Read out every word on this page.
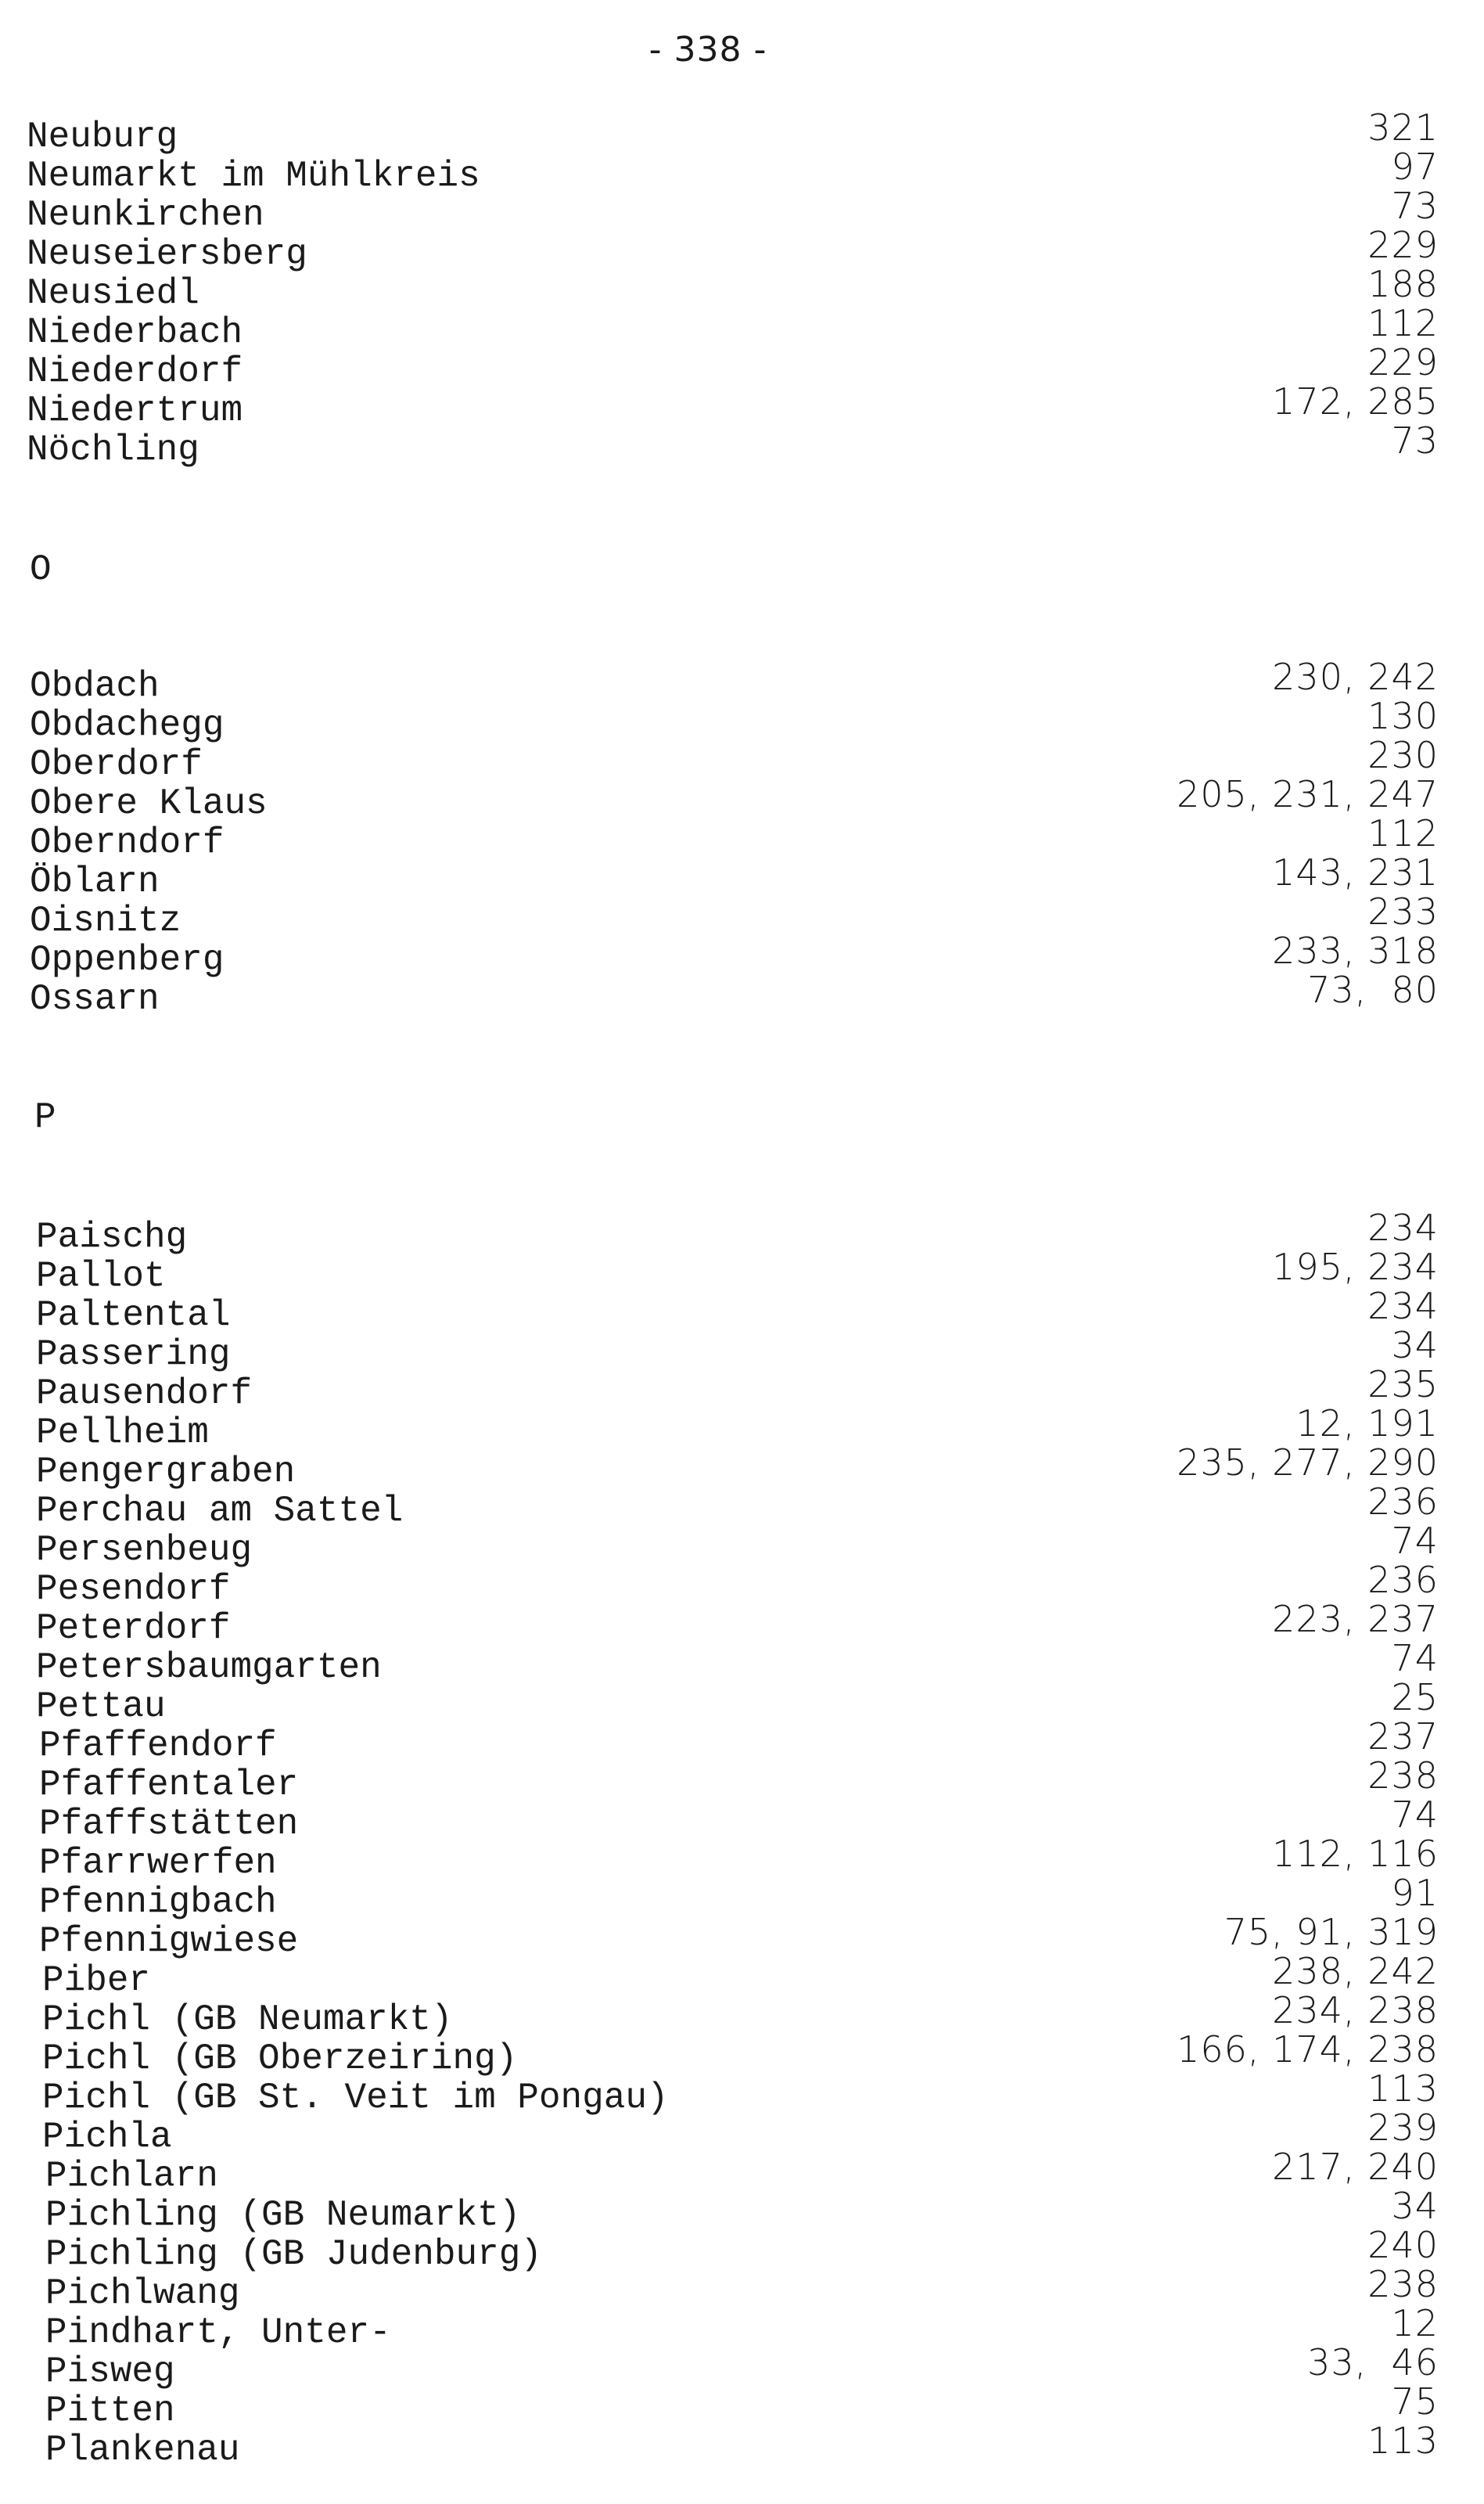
- 338 -
Neuburg	321
Neumarkt im Mühlkreis	97
Neunkirchen	73
Neuseiersberg	229
Neusiedl	188
Niederbach	112
Niederdorf	229
Niedertrum	172, 285
Nöchling	73
O
Obdach	230, 242
Obdachegg	130
Oberdorf	230
Obere Klaus	205, 231, 247
Oberndorf	112
Öblarn	143, 231
Oisnitz	233
Oppenberg	233, 318
Ossarn	73,  80
P
Paischg	234
Pallot	195, 234
Paltental	234
Passering	34
Pausendorf	235
Pellheim	12, 191
Pengergraben	235, 277, 290
Perchau am Sattel	236
Persenbeug	74
Pesendorf	236
Peterdorf	223, 237
Petersbaumgarten	74
Pettau	25
Pfaffendorf	237
Pfaffentaler	238
Pfaffstätten	74
Pfarrwerfen	112, 116
Pfennigbach	91
Pfennigwiese	75, 91, 319
Piber	238, 242
Pichl (GB Neumarkt)	234, 238
Pichl (GB Oberzeiring)	166, 174, 238
Pichl (GB St. Veit im Pongau)	113
Pichla	239
Pichlarn	217, 240
Pichling (GB Neumarkt)	34
Pichling (GB Judenburg)	240
Pichlwang	238
Pindhart, Unter-	12
Pisweg	33,  46
Pitten	75
Plankenau	113
